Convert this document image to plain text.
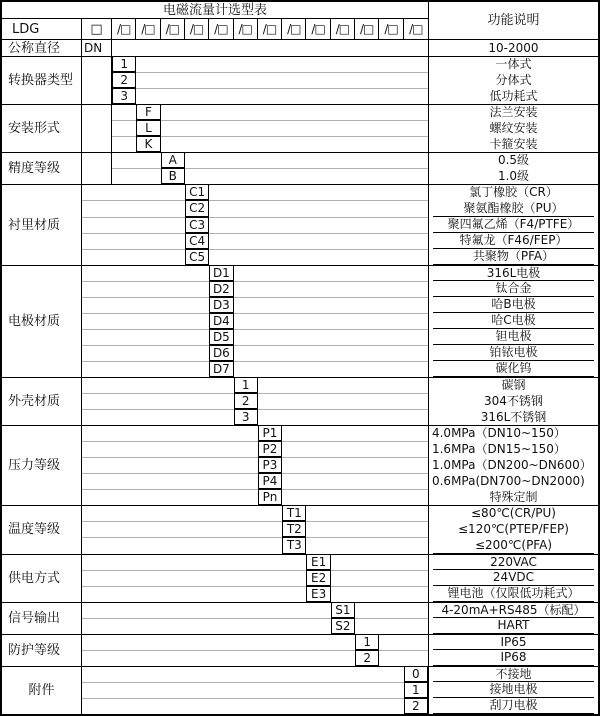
电磁流量计选型表
功能说明
LDG	□	/□ /□ /□ /□ /□ /□ /□ /□ /□ /□ /□ /□ /□
公称直径	DN	10-2000
转换器类型
1	一体式
2	分体式
3	低功耗式
安装形式
F	法兰安装
L	螺纹安装
K	卡箍安装
精度等级
A	0.5级
B	1.0级
衬里材质
C1	氯丁橡胶（CR）
C2	聚氨酯橡胶（PU）
C3	聚四氟乙烯（F4/PTFE）
C4	特氟龙（F46/FEP）
C5	共聚物（PFA）
电极材质
D1	316L电极
D2	钛合金
D3	哈B电极
D4	哈C电极
D5	钽电极
D6	铂铱电极
D7	碳化钨
外壳材质
1	碳钢
2	304不锈钢
3	316L不锈钢
压力等级
P1	4.0MPa（DN10~150）
P2	1.6MPa（DN15~150）
P3	1.0MPa（DN200~DN600）
P4	0.6MPa(DN700~DN2000)
Pn	特殊定制
温度等级
T1	≤80℃(CR/PU)
T2	≤120℃(PTEP/FEP)
T3	≤200℃(PFA)
供电方式
E1	220VAC
E2	24VDC
E3	锂电池（仅限低功耗式）
信号输出
S1	4-20mA+RS485（标配）
S2	HART
防护等级
1	IP65
2	IP68
附件
0	不接地
1	接地电极
2	刮刀电极
